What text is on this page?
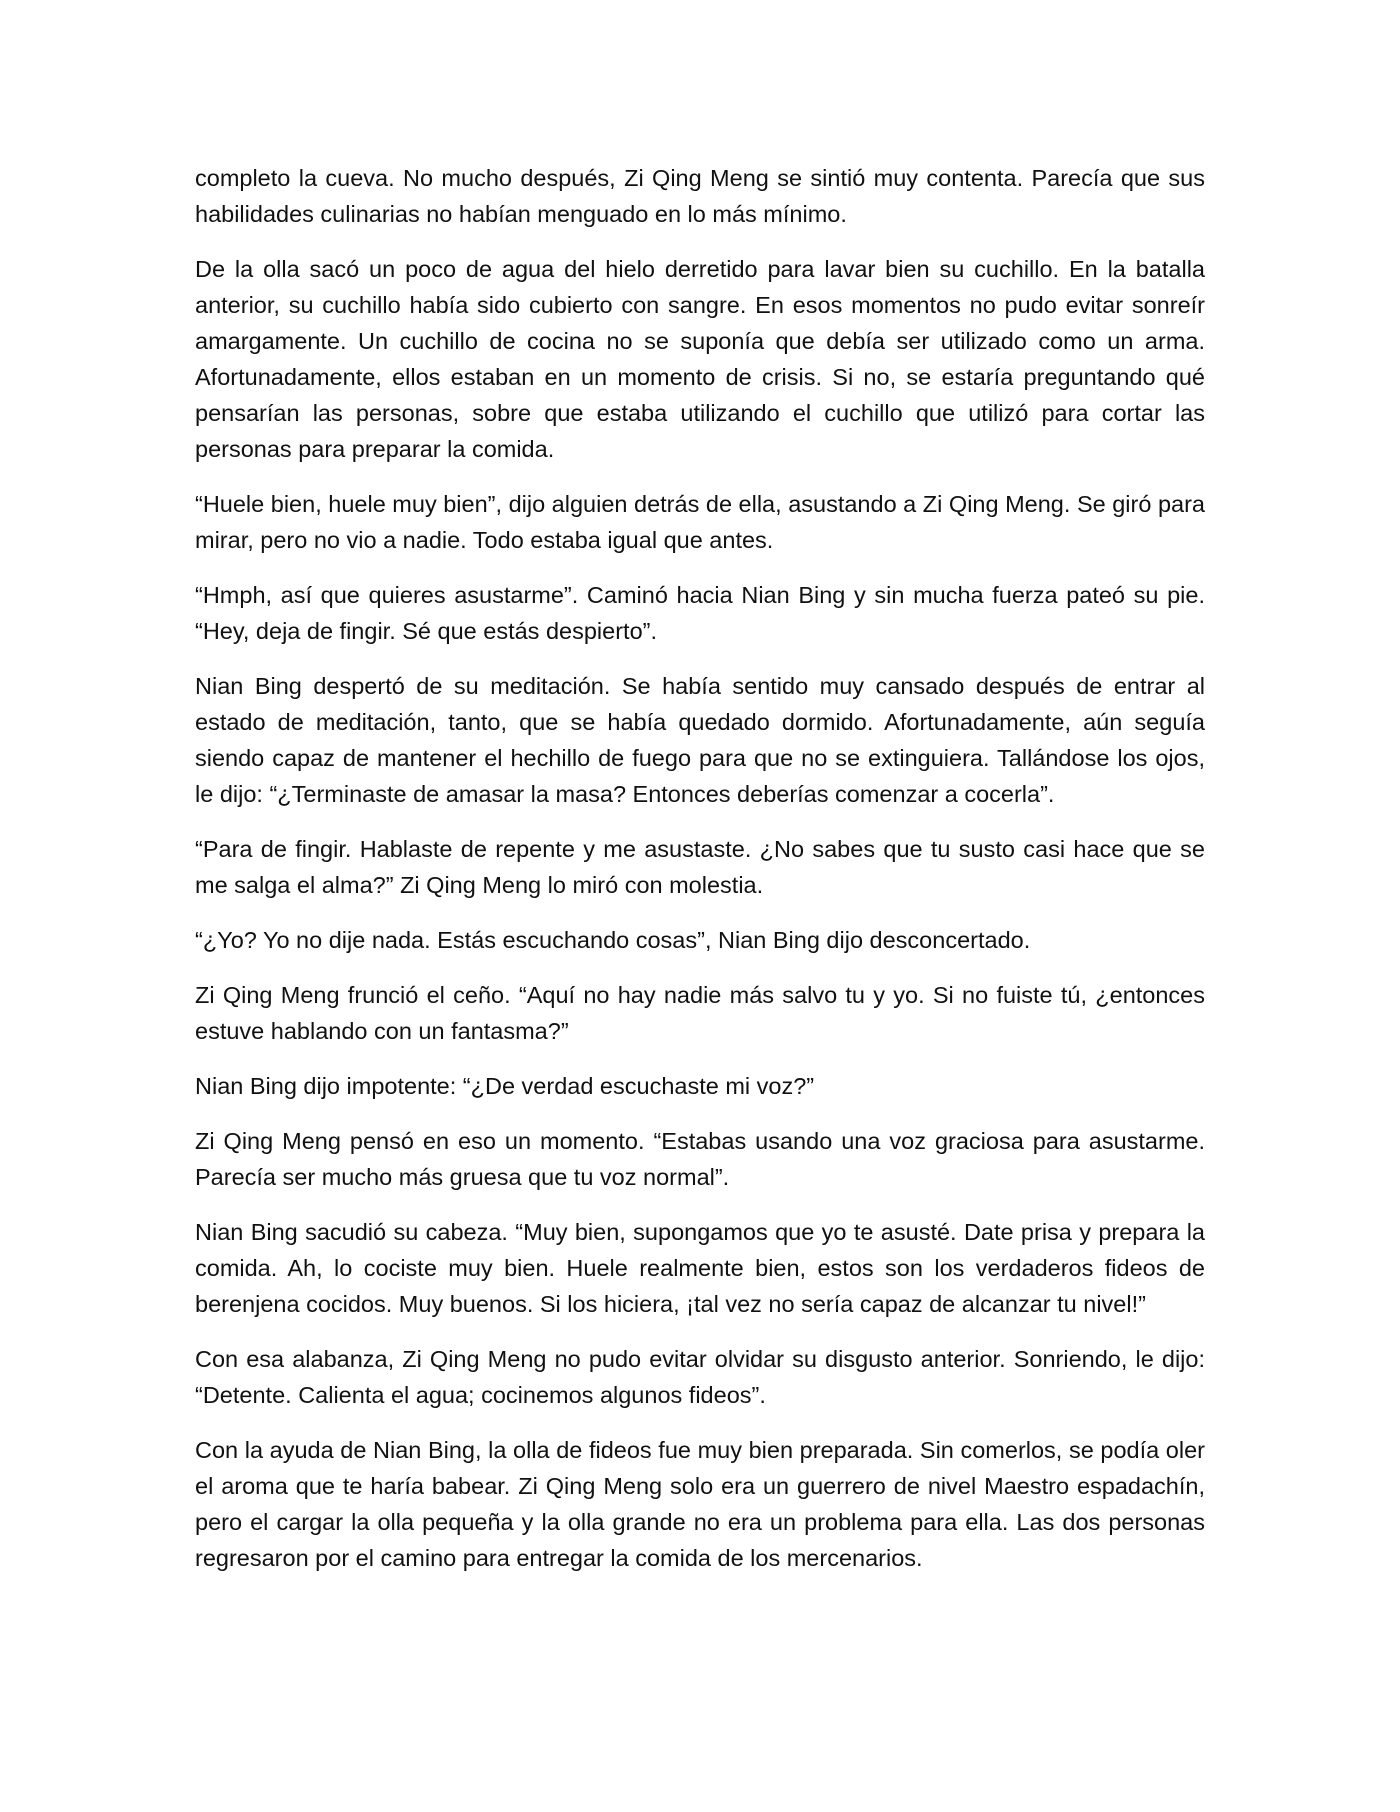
completo la cueva. No mucho después, Zi Qing Meng se sintió muy contenta. Parecía que sus habilidades culinarias no habían menguado en lo más mínimo.

De la olla sacó un poco de agua del hielo derretido para lavar bien su cuchillo. En la batalla anterior, su cuchillo había sido cubierto con sangre. En esos momentos no pudo evitar sonreír amargamente. Un cuchillo de cocina no se suponía que debía ser utilizado como un arma. Afortunadamente, ellos estaban en un momento de crisis. Si no, se estaría preguntando qué pensarían las personas, sobre que estaba utilizando el cuchillo que utilizó para cortar las personas para preparar la comida.

“Huele bien, huele muy bien”, dijo alguien detrás de ella, asustando a Zi Qing Meng. Se giró para mirar, pero no vio a nadie. Todo estaba igual que antes.

“Hmph, así que quieres asustarme”. Caminó hacia Nian Bing y sin mucha fuerza pateó su pie. “Hey, deja de fingir. Sé que estás despierto”.

Nian Bing despertó de su meditación. Se había sentido muy cansado después de entrar al estado de meditación, tanto, que se había quedado dormido. Afortunadamente, aún seguía siendo capaz de mantener el hechillo de fuego para que no se extinguiera. Tallándose los ojos, le dijo: “¿Terminaste de amasar la masa? Entonces deberías comenzar a cocerla”.

“Para de fingir. Hablaste de repente y me asustaste. ¿No sabes que tu susto casi hace que se me salga el alma?” Zi Qing Meng lo miró con molestia.

“¿Yo? Yo no dije nada. Estás escuchando cosas”, Nian Bing dijo desconcertado.

Zi Qing Meng frunció el ceño. “Aquí no hay nadie más salvo tu y yo. Si no fuiste tú, ¿entonces estuve hablando con un fantasma?”

Nian Bing dijo impotente: “¿De verdad escuchaste mi voz?”

Zi Qing Meng pensó en eso un momento. “Estabas usando una voz graciosa para asustarme. Parecía ser mucho más gruesa que tu voz normal”.

Nian Bing sacudió su cabeza. “Muy bien, supongamos que yo te asusté. Date prisa y prepara la comida. Ah, lo cociste muy bien. Huele realmente bien, estos son los verdaderos fideos de berenjena cocidos. Muy buenos. Si los hiciera, ¡tal vez no sería capaz de alcanzar tu nivel!”

Con esa alabanza, Zi Qing Meng no pudo evitar olvidar su disgusto anterior. Sonriendo, le dijo: “Detente. Calienta el agua; cocinemos algunos fideos”.

Con la ayuda de Nian Bing, la olla de fideos fue muy bien preparada. Sin comerlos, se podía oler el aroma que te haría babear. Zi Qing Meng solo era un guerrero de nivel Maestro espadachín, pero el cargar la olla pequeña y la olla grande no era un problema para ella. Las dos personas regresaron por el camino para entregar la comida de los mercenarios.
